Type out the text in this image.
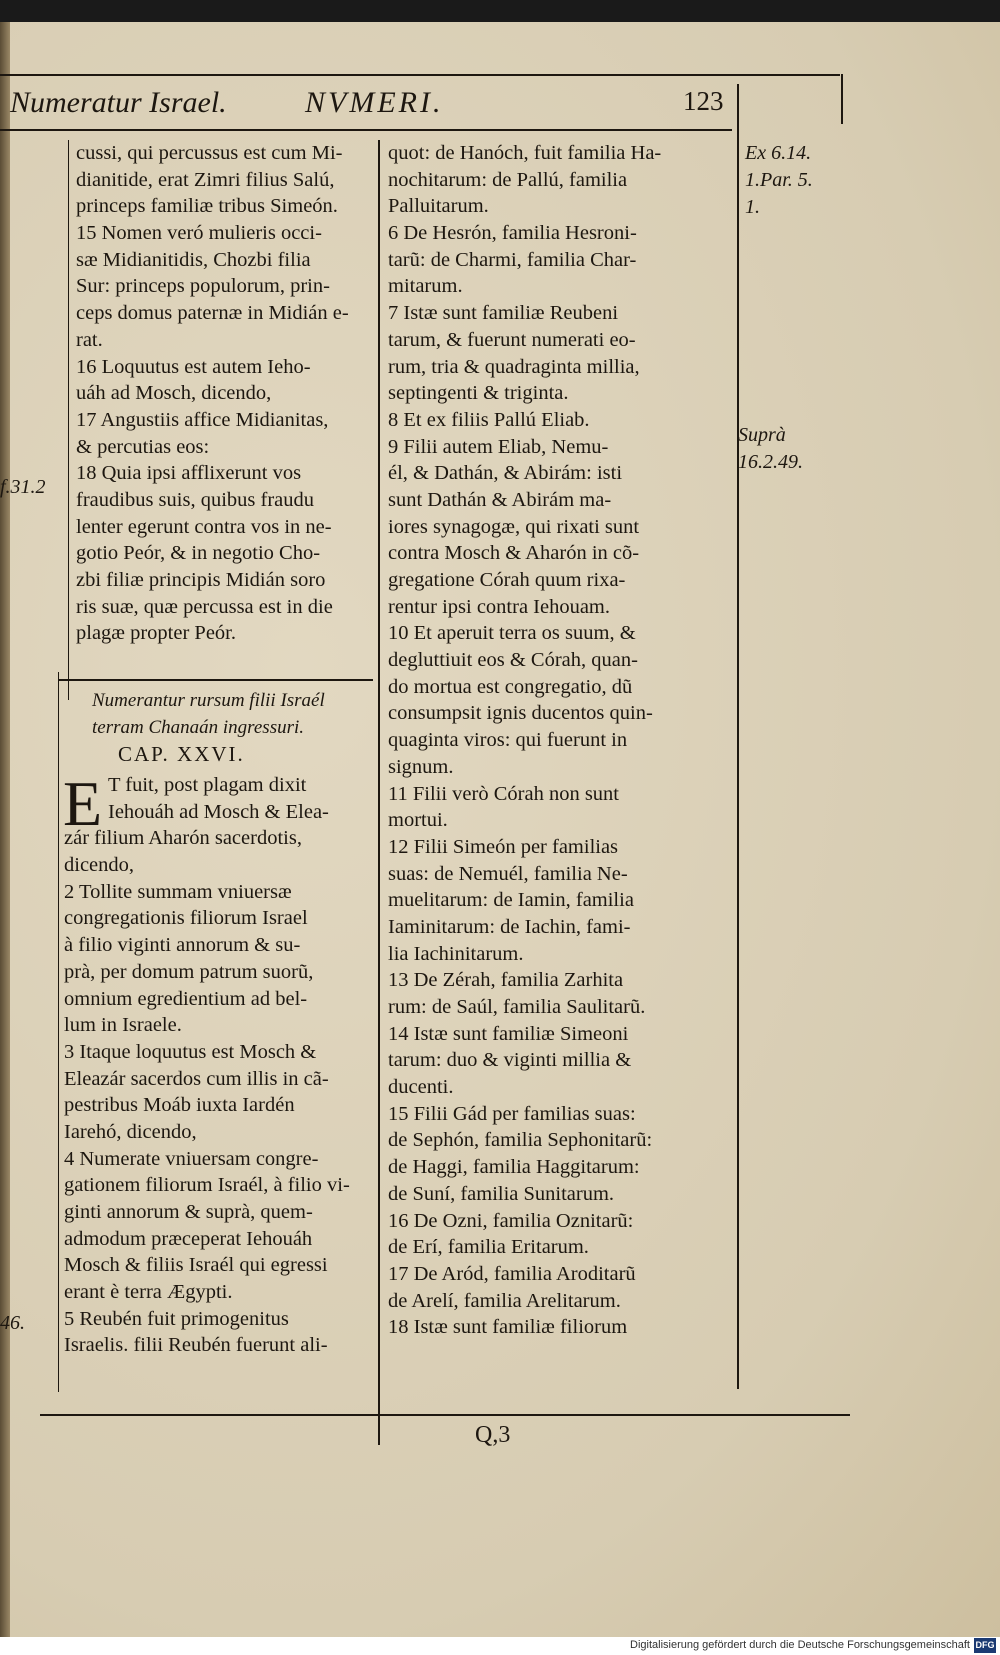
Numeratur Israel.	NVMERI.	123
f.31.2
46.
cussi, qui percussus est cum Mi-
dianitide, erat Zimri filius Salú,
princeps familiæ tribus Simeón.
15 Nomen veró mulieris occi-
sæ Midianitidis, Chozbi filia
Sur: princeps populorum, prin-
ceps domus paternæ in Midián e-
rat.
16 Loquutus est autem Ieho-
uáh ad Mosch, dicendo,
17 Angustiis affice Midianitas,
& percutias eos:
18 Quia ipsi afflixerunt vos
fraudibus suis, quibus fraudu
lenter egerunt contra vos in ne-
gotio Peór, & in negotio Cho-
zbi filiæ principis Midián soro
ris suæ, quæ percussa est in die
plagæ propter Peór.
Numerantur rursum filii Israél
terram Chanaán ingressuri.
CAP. XXVI.
E T fuit, post plagam dixit
Iehouáh ad Mosch & Elea-
zár filium Aharón sacerdotis,
dicendo,
2 Tollite summam vniuersæ
congregationis filiorum Israel
à filio viginti annorum & su-
prà, per domum patrum suorũ,
omnium egredientium ad bel-
lum in Israele.
3 Itaque loquutus est Mosch &
Eleazár sacerdos cum illis in cã-
pestribus Moáb iuxta Iardén
Iarehó, dicendo,
4 Numerate vniuersam congre-
gationem filiorum Israél, à filio vi-
ginti annorum & suprà, quem-
admodum præceperat Iehouáh
Mosch & filiis Israél qui egressi
erant è terra Ægypti.
5 Reubén fuit primogenitus
Israelis. filii Reubén fuerunt ali-
quot: de Hanóch, fuit familia Ha-
nochitarum: de Pallú, familia
Palluitarum.
6 De Hesrón, familia Hesroni-
tarũ: de Charmi, familia Char-
mitarum.
7 Istæ sunt familiæ Reubeni
tarum, & fuerunt numerati eo-
rum, tria & quadraginta millia,
septingenti & triginta.
8 Et ex filiis Pallú Eliab.
9 Filii autem Eliab, Nemu-
él, & Dathán, & Abirám: isti
sunt Dathán & Abirám ma-
iores synagogæ, qui rixati sunt
contra Mosch & Aharón in cõ-
gregatione Córah quum rixa-
rentur ipsi contra Iehouam.
10 Et aperuit terra os suum, &
degluttiuit eos & Córah, quan-
do mortua est congregatio, dũ
consumpsit ignis ducentos quin-
quaginta viros: qui fuerunt in
signum.
11 Filii verò Córah non sunt
mortui.
12 Filii Simeón per familias
suas: de Nemuél, familia Ne-
muelitarum: de Iamin, familia
Iaminitarum: de Iachin, fami-
lia Iachinitarum.
13 De Zérah, familia Zarhita
rum: de Saúl, familia Saulitarũ.
14 Istæ sunt familiæ Simeoni
tarum: duo & viginti millia &
ducenti.
15 Filii Gád per familias suas:
de Sephón, familia Sephonitarũ:
de Haggi, familia Haggitarum:
de Suní, familia Sunitarum.
16 De Ozni, familia Oznitarũ:
de Erí, familia Eritarum.
17 De Aród, familia Aroditarũ
de Arelí, familia Arelitarum.
18 Istæ sunt familiæ filiorum
Ex 6.14.
1.Par. 5.
1.
Suprà
16.2.49.
Q,3
Digitalisierung gefördert durch die Deutsche Forschungsgemeinschaft DFG
